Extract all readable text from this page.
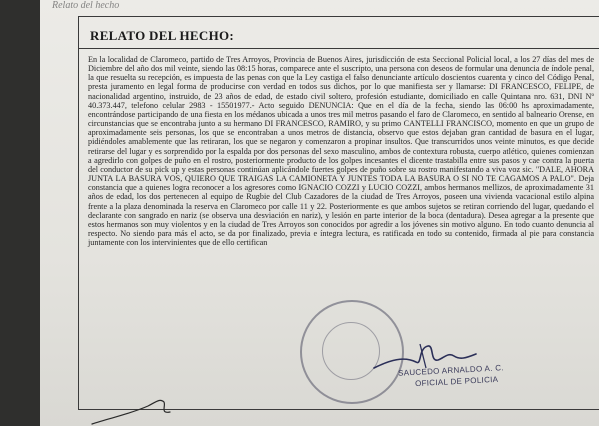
Relato del hecho
RELATO DEL HECHO:

En la localidad de Claromeco, partido de Tres Arroyos, Provincia de Buenos Aires, jurisdicción de esta Seccional Policial local, a los 27 días del mes de Diciembre del año dos mil veinte, siendo las 08:15 horas, comparece ante el suscripto, una persona con deseos de formular una denuncia de índole penal, la que resuelta su recepción, es impuesta de las penas con que la Ley castiga el falso denunciante artículo doscientos cuarenta y cinco del Código Penal, presta juramento en legal forma de producirse con verdad en todos sus dichos, por lo que manifiesta ser y llamarse: DI FRANCESCO, FELIPE, de nacionalidad argentino, instruido, de 23 años de edad, de estado civil soltero, profesión estudiante, domiciliado en calle Quintana nro. 631, DNI Nº 40.373.447, telefono celular 2983 - 15501977.- Acto seguido DENUNCIA: Que en el día de la fecha, siendo las 06:00 hs aproximadamente, encontrándose participando de una fiesta en los médanos ubicada a unos tres mil metros pasando el faro de Claromeco, en sentido al balneario Orense, en circunstancias que se encontraba junto a su hermano DI FRANCESCO, RAMIRO, y su primo CANTELLI FRANCISCO, momento en que un grupo de aproximadamente seis personas, los que se encontraban a unos metros de distancia, observo que estos dejaban gran cantidad de basura en el lugar, pidiéndoles amablemente que las retiraran, los que se negaron y comenzaron a propinar insultos. Que transcurridos unos veinte minutos, es que decide retirarse del lugar y es sorprendido por la espalda por dos personas del sexo masculino, ambos de contextura robusta, cuerpo atlético, quienes comienzan a agredirlo con golpes de puño en el rostro, posteriormente producto de los golpes incesantes el dicente trastabilla entre sus pasos y cae contra la puerta del conductor de su pick up y estas personas continúan aplicándole fuertes golpes de puño sobre su rostro manifestando a viva voz sic. "DALE, AHORA JUNTA LA BASURA VOS, QUIERO QUE TRAIGAS LA CAMIONETA Y JUNTES TODA LA BASURA O SI NO TE CAGAMOS A PALO". Deja constancia que a quienes logra reconocer a los agresores como IGNACIO COZZI y LUCIO COZZI, ambos hermanos mellizos, de aproximadamente 31 años de edad, los dos pertenecen al equipo de Rugbie del Club Cazadores de la ciudad de Tres Arroyos, poseen una vivienda vacacional estilo alpina frente a la plaza denominada la reserva en Claromeco por calle 11 y 22. Posteriormente es que ambos sujetos se retiran corriendo del lugar, quedando el declarante con sangrado en nariz (se observa una desviación en nariz), y lesión en parte interior de la boca (dentadura). Desea agregar a la presente que estos hermanos son muy violentos y en la ciudad de Tres Arroyos son conocidos por agredir a los jóvenes sin motivo alguno. En todo cuanto denuncia al respecto. No siendo para más el acto, se da por finalizado, previa e íntegra lectura, es ratificada en todo su contenido, firmada al pie para constancia juntamente con los intervinientes que de ello certifican

SAUCEDO ARNALDO A. C.
OFICIAL DE POLICIA
